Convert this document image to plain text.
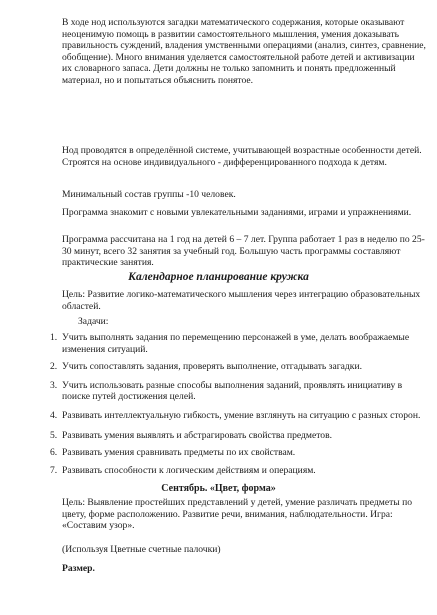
В ходе нод используются загадки математического содержания, которые оказывают неоценимую помощь в развитии самостоятельного мышления, умения доказывать правильность суждений, владения умственными операциями (анализ, синтез, сравнение, обобщение). Много внимания уделяется самостоятельной работе детей и активизации их словарного запаса. Дети должны не только запомнить и понять предложенный материал, но и попытаться объяснить понятое.

Нод проводятся в определённой системе, учитывающей возрастные особенности детей. Строятся на основе индивидуального - дифференцированного подхода к детям.

Минимальный состав группы -10 человек.

Программа знакомит с новыми увлекательными заданиями, играми и упражнениями.

Программа рассчитана на 1 год на детей 6 – 7 лет. Группа работает 1 раз в неделю по 25-30 минут, всего 32 занятия за учебный год. Большую часть программы составляют практические занятия.

Календарное планирование кружка

Цель: Развитие логико-математического мышления через интеграцию образовательных областей.

Задачи:

1. Учить выполнять задания по перемещению персонажей в уме, делать воображаемые изменения ситуаций.
2. Учить сопоставлять задания, проверять выполнение, отгадывать загадки.
3. Учить использовать разные способы выполнения заданий, проявлять инициативу в поиске путей достижения целей.
4. Развивать интеллектуальную гибкость, умение взглянуть на ситуацию с разных сторон.
5. Развивать умения выявлять и абстрагировать свойства предметов.
6. Развивать умения сравнивать предметы по их свойствам.
7. Развивать способности к логическим действиям и операциям.
Сентябрь. «Цвет, форма»

Цель: Выявление простейших представлений у детей, умение различать предметы по цвету, форме расположению. Развитие речи, внимания, наблюдательности. Игра: «Составим узор».

(Используя Цветные счетные палочки)

Размер.
